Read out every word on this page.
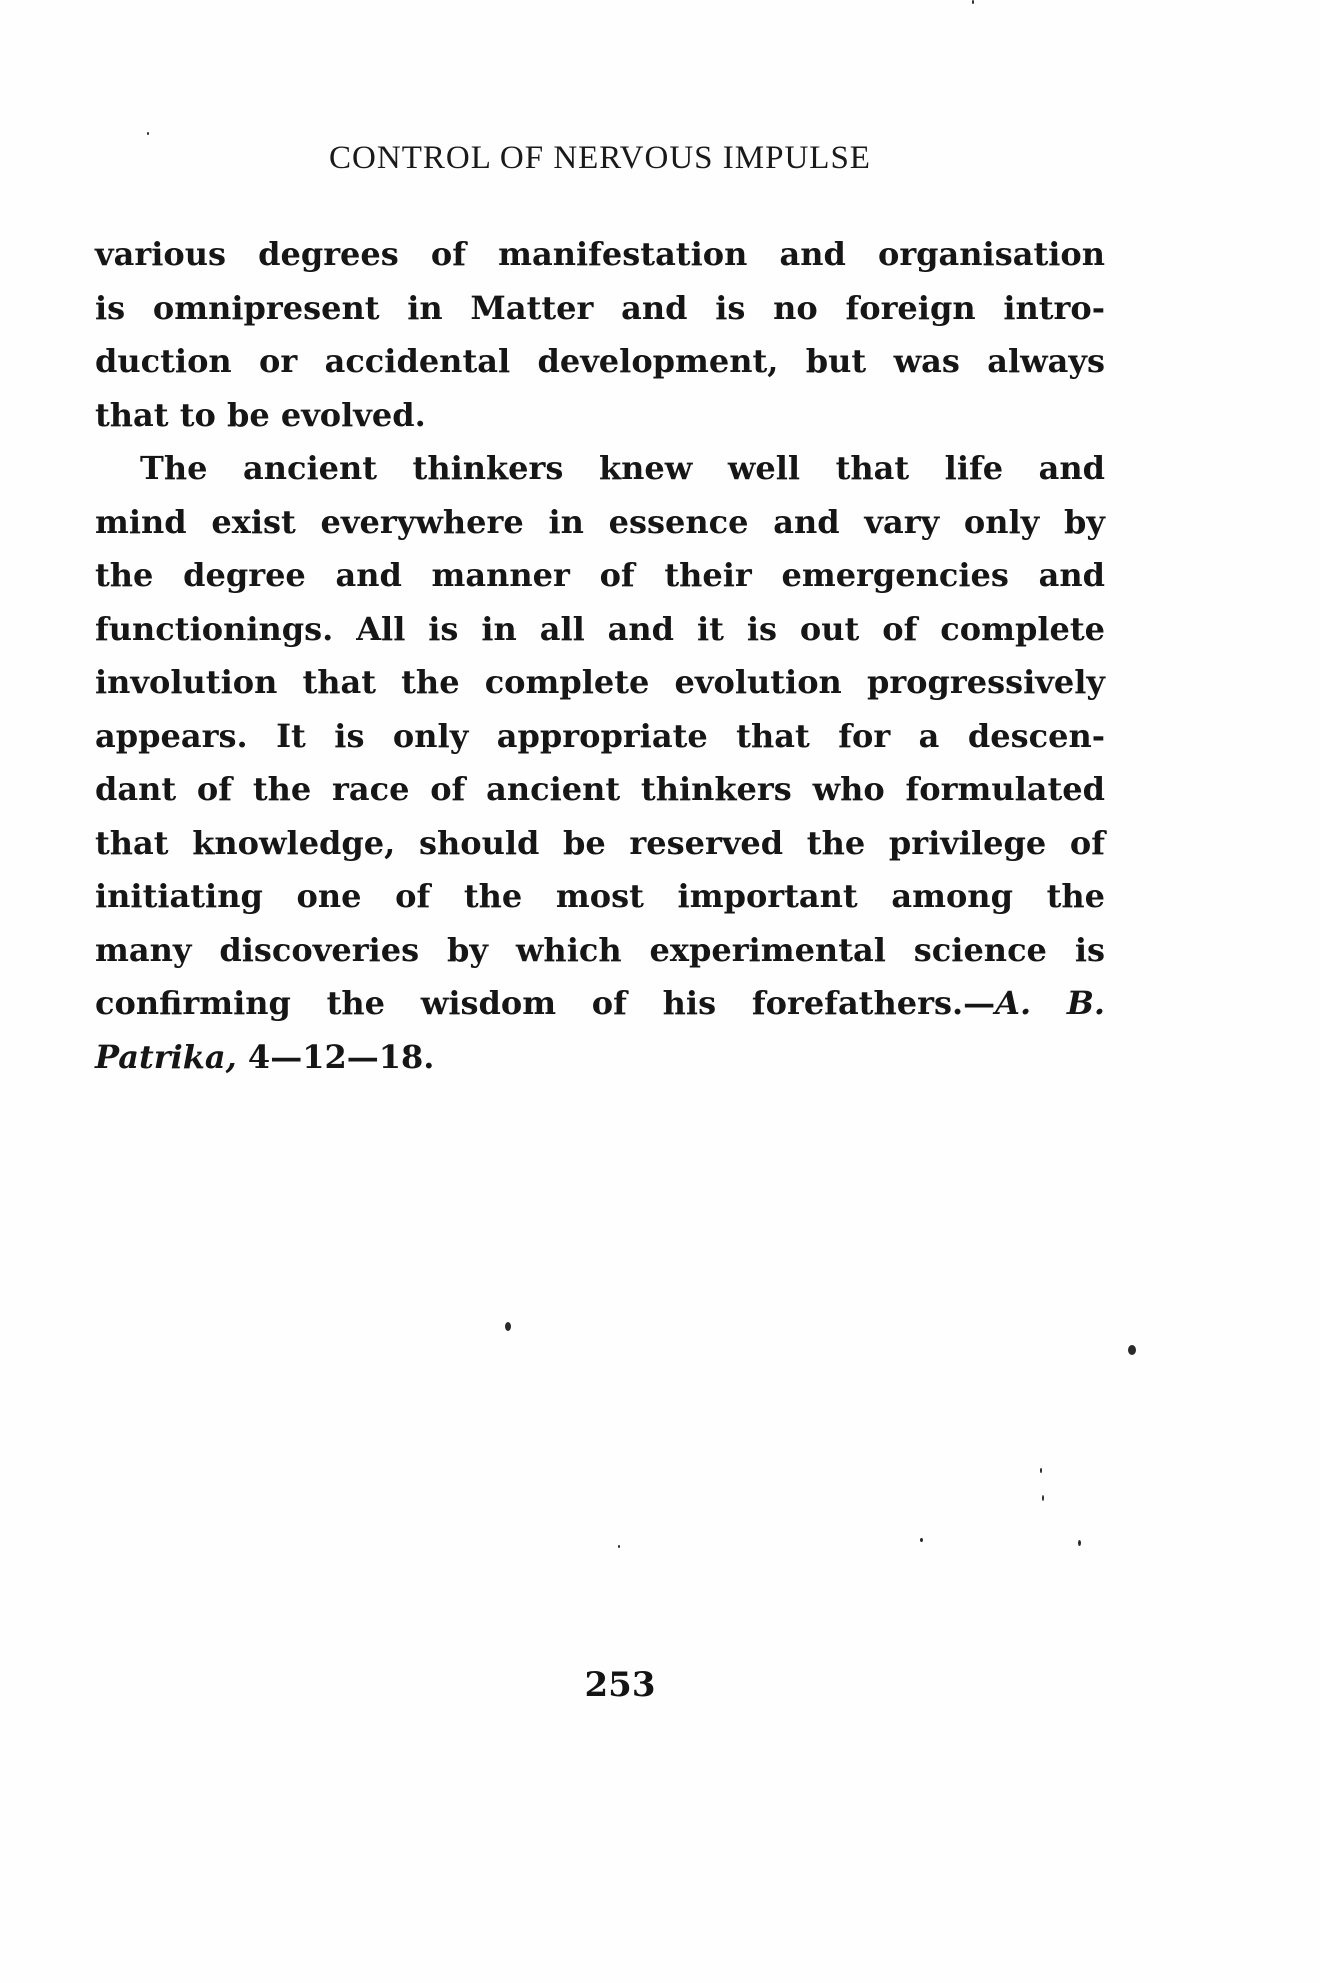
CONTROL OF NERVOUS IMPULSE
various degrees of manifestation and organisation
is omnipresent in Matter and is no foreign intro-
duction or accidental development, but was always
that to be evolved.
The ancient thinkers knew well that life and
mind exist everywhere in essence and vary only by
the degree and manner of their emergencies and
functionings. All is in all and it is out of complete
involution that the complete evolution progressively
appears. It is only appropriate that for a descen-
dant of the race of ancient thinkers who formulated
that knowledge, should be reserved the privilege of
initiating one of the most important among the
many discoveries by which experimental science is
confirming the wisdom of his forefathers.—A. B.
Patrika, 4—12—18.
253
